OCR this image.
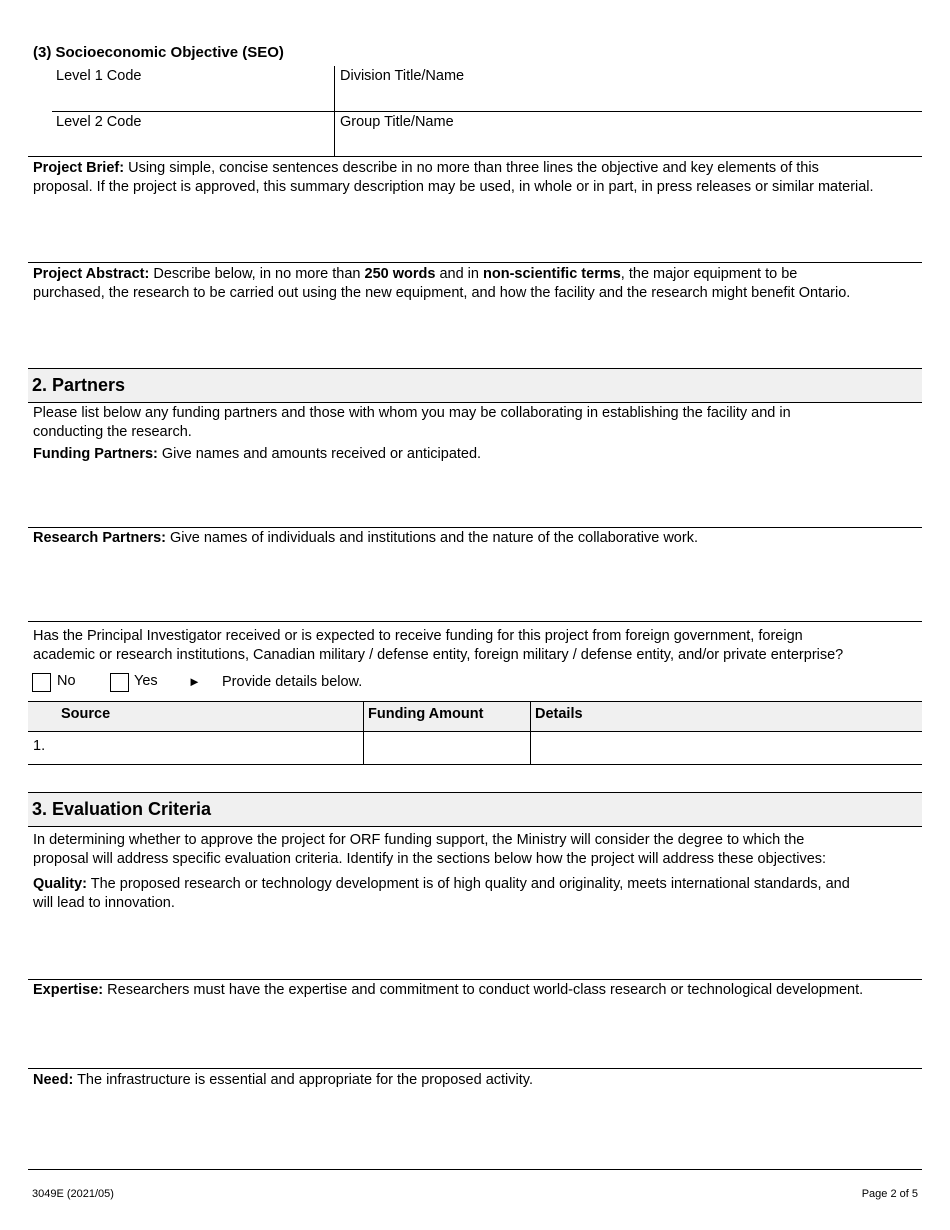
(3) Socioeconomic Objective (SEO)
Level 1 Code	Division Title/Name
Level 2 Code	Group Title/Name
Project Brief: Using simple, concise sentences describe in no more than three lines the objective and key elements of this
proposal. If the project is approved, this summary description may be used, in whole or in part, in press releases or similar material.
Project Abstract: Describe below, in no more than 250 words and in non-scientific terms, the major equipment to be
purchased, the research to be carried out using the new equipment, and how the facility and the research might benefit Ontario.
2. Partners
Please list below any funding partners and those with whom you may be collaborating in establishing the facility and in
conducting the research.
Funding Partners: Give names and amounts received or anticipated.
Research Partners: Give names of individuals and institutions and the nature of the collaborative work.
Has the Principal Investigator received or is expected to receive funding for this project from foreign government, foreign
academic or research institutions, Canadian military / defense entity, foreign military / defense entity, and/or private enterprise?
No	Yes ► Provide details below.
Source	Funding Amount	Details
1.
3. Evaluation Criteria
In determining whether to approve the project for ORF funding support, the Ministry will consider the degree to which the
proposal will address specific evaluation criteria. Identify in the sections below how the project will address these objectives:
Quality: The proposed research or technology development is of high quality and originality, meets international standards, and
will lead to innovation.
Expertise: Researchers must have the expertise and commitment to conduct world-class research or technological development.
Need: The infrastructure is essential and appropriate for the proposed activity.
3049E (2021/05)	Page 2 of 5
